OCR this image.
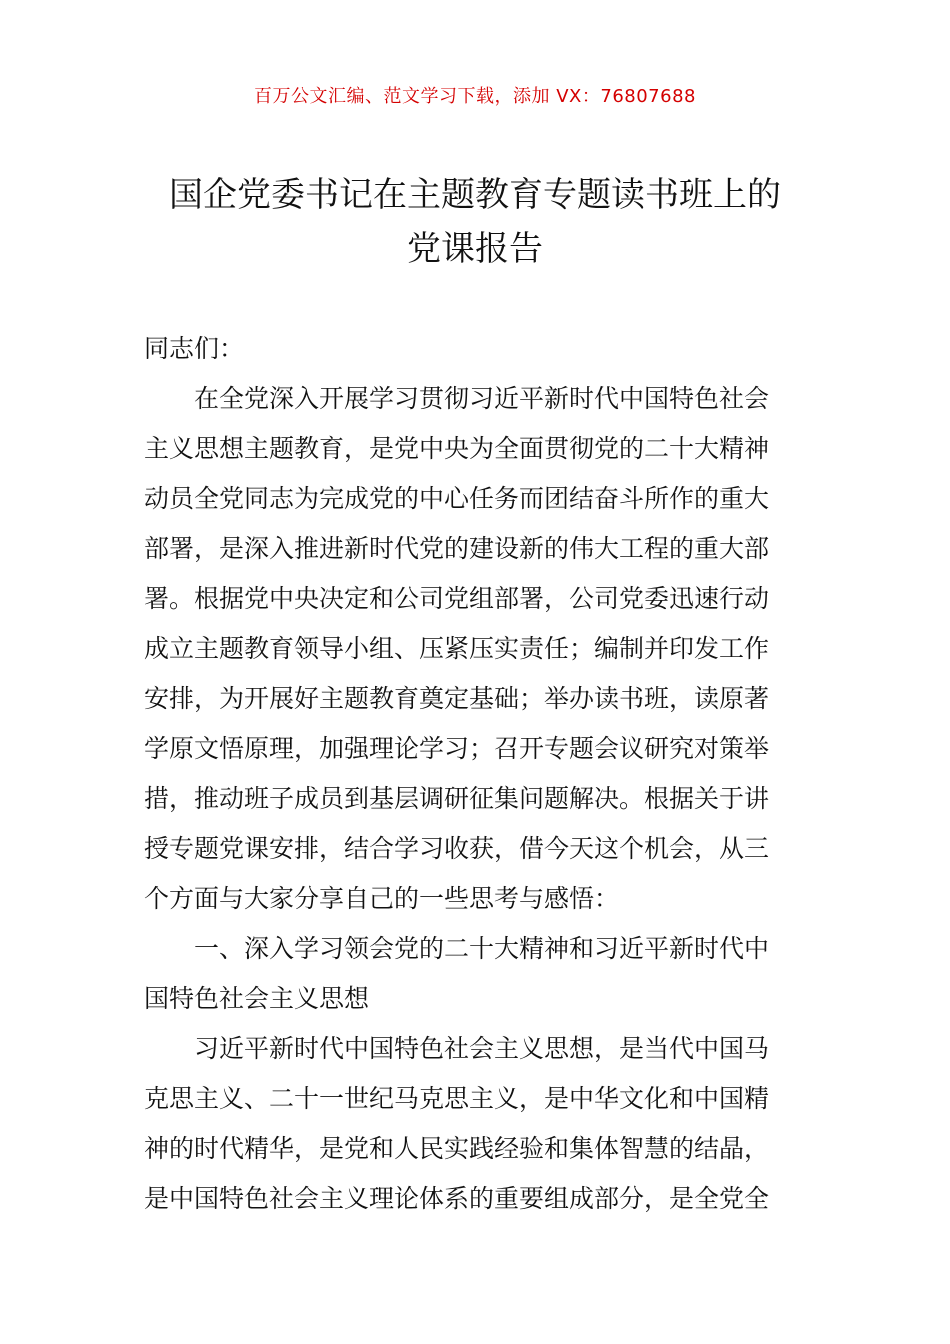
百万公文汇编、范文学习下载，添加 VX：76807688
国企党委书记在主题教育专题读书班上的
党课报告
同志们：
在全党深入开展学习贯彻习近平新时代中国特色社会
主义思想主题教育，是党中央为全面贯彻党的二十大精神
动员全党同志为完成党的中心任务而团结奋斗所作的重大
部署，是深入推进新时代党的建设新的伟大工程的重大部
署。根据党中央决定和公司党组部署，公司党委迅速行动
成立主题教育领导小组、压紧压实责任；编制并印发工作
安排，为开展好主题教育奠定基础；举办读书班，读原著
学原文悟原理，加强理论学习；召开专题会议研究对策举
措，推动班子成员到基层调研征集问题解决。根据关于讲
授专题党课安排，结合学习收获，借今天这个机会，从三
个方面与大家分享自己的一些思考与感悟：
一、深入学习领会党的二十大精神和习近平新时代中
国特色社会主义思想
习近平新时代中国特色社会主义思想，是当代中国马
克思主义、二十一世纪马克思主义，是中华文化和中国精
神的时代精华，是党和人民实践经验和集体智慧的结晶，
是中国特色社会主义理论体系的重要组成部分，是全党全
